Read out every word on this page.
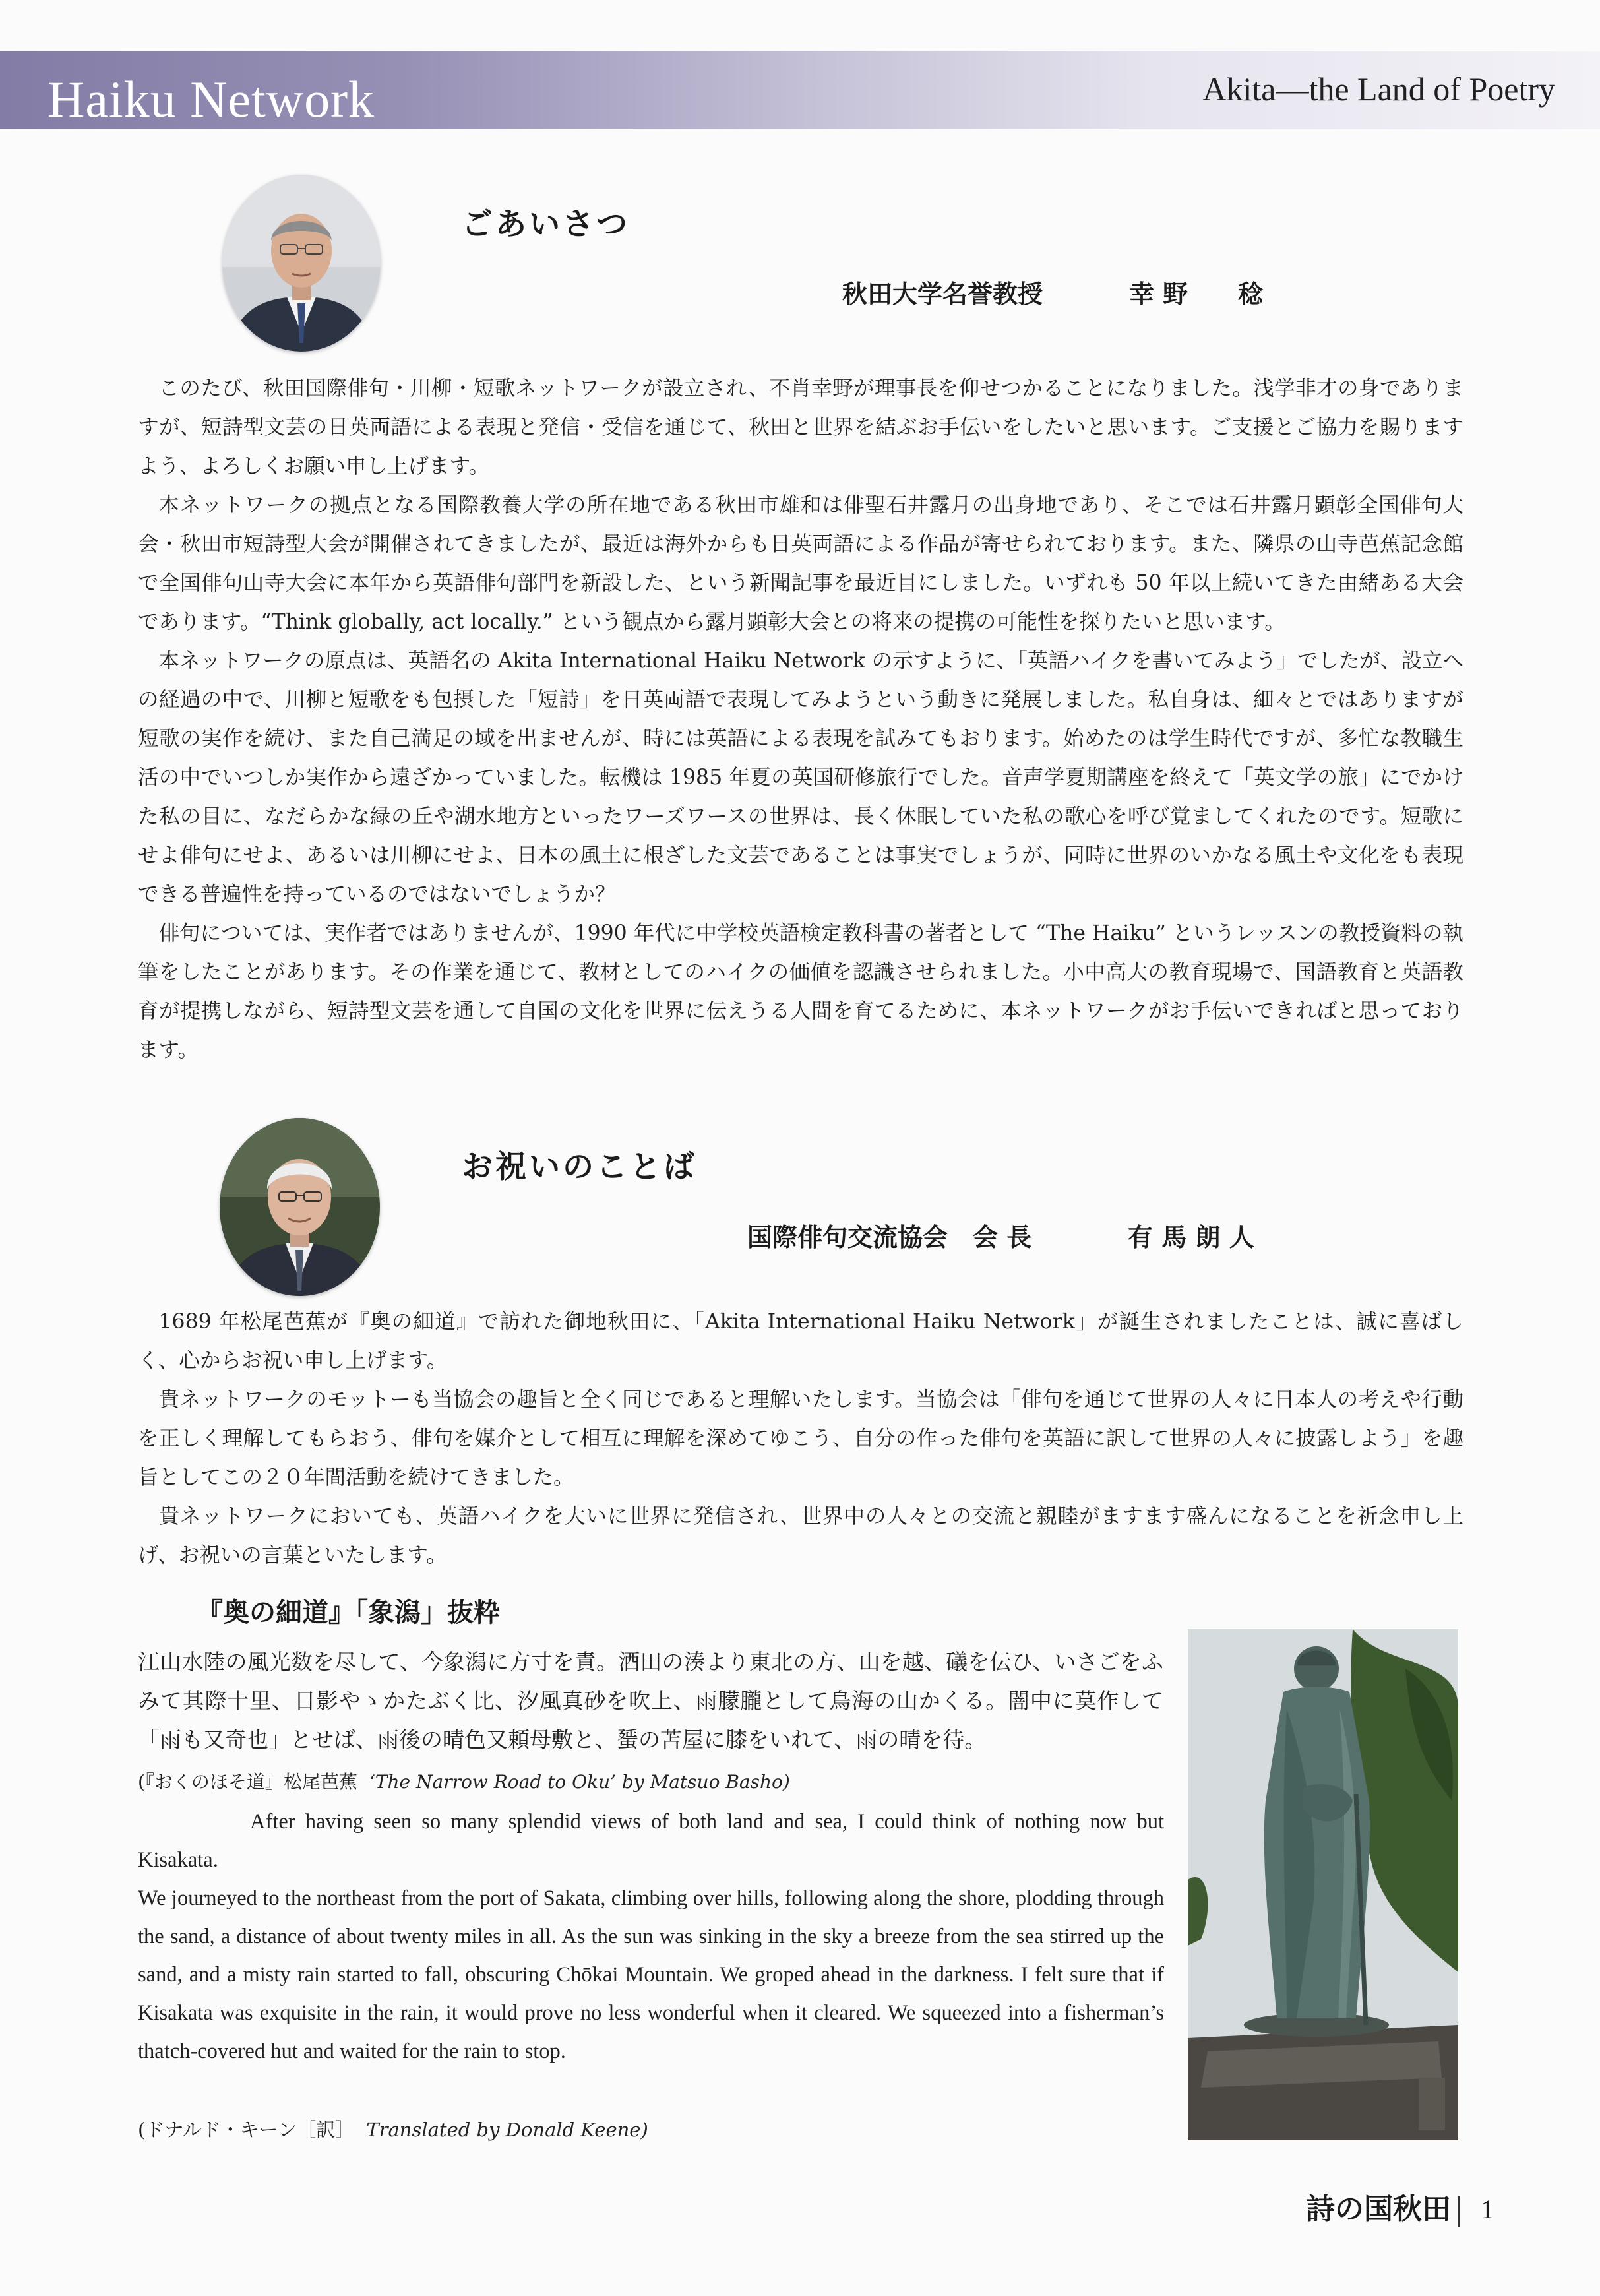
Haiku Network	Akita—the Land of Poetry
ごあいさつ
秋田大学名誉教授	幸 野　　稔

このたび、秋田国際俳句・川柳・短歌ネットワークが設立され、不肖幸野が理事長を仰せつかることになりました。浅学非才の身でありますが、短詩型文芸の日英両語による表現と発信・受信を通じて、秋田と世界を結ぶお手伝いをしたいと思います。ご支援とご協力を賜りますよう、よろしくお願い申し上げます。

本ネットワークの拠点となる国際教養大学の所在地である秋田市雄和は俳聖石井露月の出身地であり、そこでは石井露月顕彰全国俳句大会・秋田市短詩型大会が開催されてきましたが、最近は海外からも日英両語による作品が寄せられております。また、隣県の山寺芭蕉記念館で全国俳句山寺大会に本年から英語俳句部門を新設した、という新聞記事を最近目にしました。いずれも 50 年以上続いてきた由緒ある大会であります。“Think globally, act locally.” という観点から露月顕彰大会との将来の提携の可能性を探りたいと思います。

本ネットワークの原点は、英語名の Akita International Haiku Network の示すように、「英語ハイクを書いてみよう」でしたが、設立への経過の中で、川柳と短歌をも包摂した「短詩」を日英両語で表現してみようという動きに発展しました。私自身は、細々とではありますが短歌の実作を続け、また自己満足の域を出ませんが、時には英語による表現を試みてもおります。始めたのは学生時代ですが、多忙な教職生活の中でいつしか実作から遠ざかっていました。転機は 1985 年夏の英国研修旅行でした。音声学夏期講座を終えて「英文学の旅」にでかけた私の目に、なだらかな緑の丘や湖水地方といったワーズワースの世界は、長く休眠していた私の歌心を呼び覚ましてくれたのです。短歌にせよ俳句にせよ、あるいは川柳にせよ、日本の風土に根ざした文芸であることは事実でしょうが、同時に世界のいかなる風土や文化をも表現できる普遍性を持っているのではないでしょうか？

俳句については、実作者ではありませんが、1990 年代に中学校英語検定教科書の著者として “The Haiku” というレッスンの教授資料の執筆をしたことがあります。その作業を通じて、教材としてのハイクの価値を認識させられました。小中高大の教育現場で、国語教育と英語教育が提携しながら、短詩型文芸を通して自国の文化を世界に伝えうる人間を育てるために、本ネットワークがお手伝いできればと思っております。

お祝いのことば
国際俳句交流協会　会 長	有 馬 朗 人

1689 年松尾芭蕉が『奥の細道』で訪れた御地秋田に、「Akita International Haiku Network」が誕生されましたことは、誠に喜ばしく、心からお祝い申し上げます。

貴ネットワークのモットーも当協会の趣旨と全く同じであると理解いたします。当協会は「俳句を通じて世界の人々に日本人の考えや行動を正しく理解してもらおう、俳句を媒介として相互に理解を深めてゆこう、自分の作った俳句を英語に訳して世界の人々に披露しよう」を趣旨としてこの２０年間活動を続けてきました。

貴ネットワークにおいても、英語ハイクを大いに世界に発信され、世界中の人々との交流と親睦がますます盛んになることを祈念申し上げ、お祝いの言葉といたします。

『奥の細道』「象潟」抜粋
江山水陸の風光数を尽して、今象潟に方寸を責。酒田の湊より東北の方、山を越、礒を伝ひ、いさごをふみて其際十里、日影やゝかたぶく比、汐風真砂を吹上、雨朦朧として鳥海の山かくる。闇中に莫作して「雨も又奇也」とせば、雨後の晴色又頼母敷と、蜑の苫屋に膝をいれて、雨の晴を待。
(『おくのほそ道』松尾芭蕉 ‘The Narrow Road to Oku’ by Matsuo Basho)

After having seen so many splendid views of both land and sea, I could think of nothing now but Kisakata.

We journeyed to the northeast from the port of Sakata, climbing over hills, following along the shore, plodding through the sand, a distance of about twenty miles in all. As the sun was sinking in the sky a breeze from the sea stirred up the sand, and a misty rain started to fall, obscuring Chōkai Mountain. We groped ahead in the darkness. I felt sure that if Kisakata was exquisite in the rain, it would prove no less wonderful when it cleared. We squeezed into a fisherman’s thatch-covered hut and waited for the rain to stop.

(ドナルド・キーン［訳］ Translated by Donald Keene)
詩の国秋田 1
